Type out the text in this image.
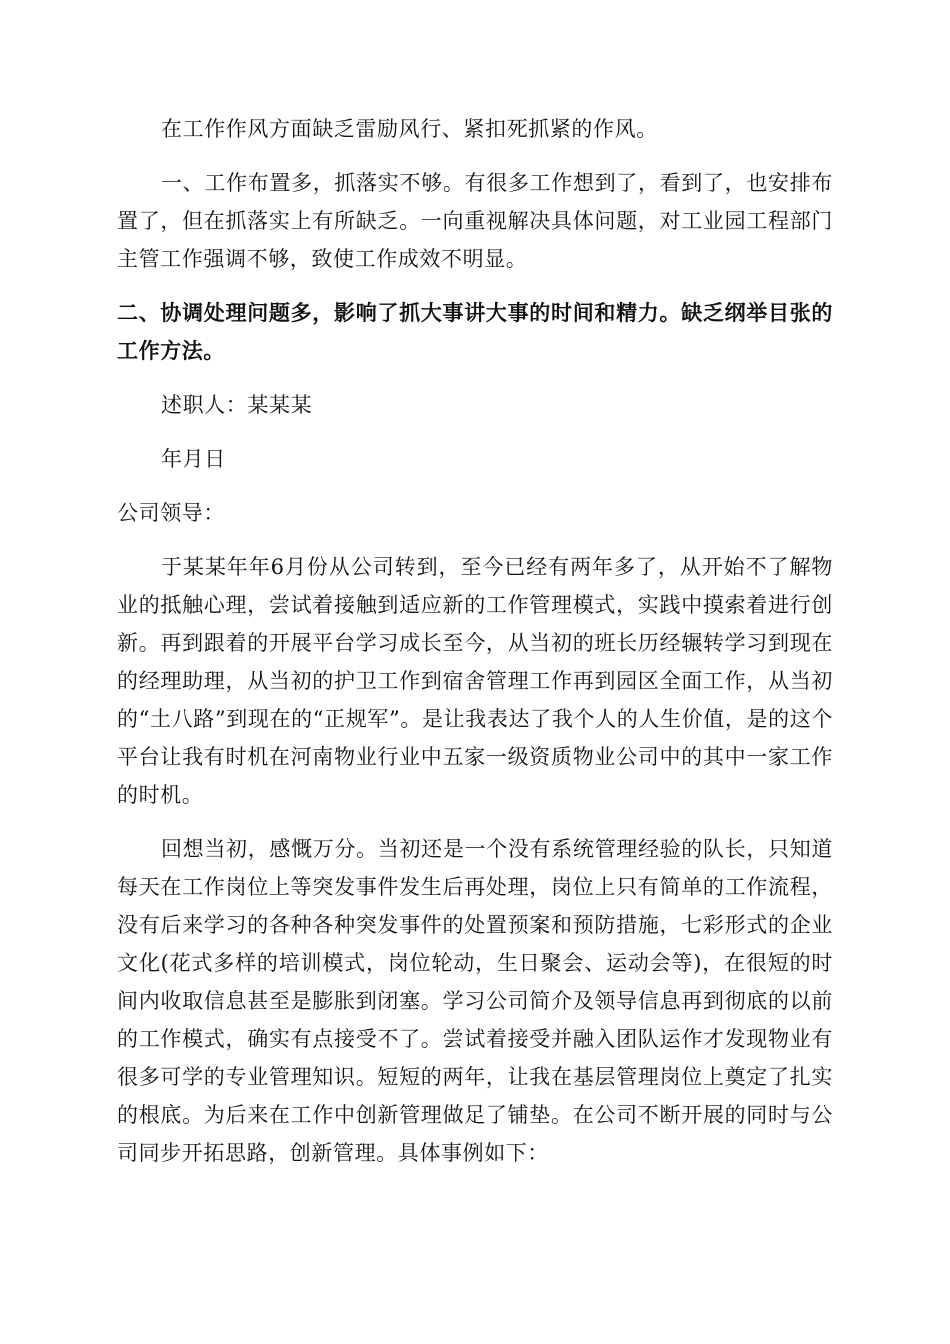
在工作作风方面缺乏雷励风行、紧扣死抓紧的作风。

一、工作布置多，抓落实不够。有很多工作想到了，看到了，也安排布置了，但在抓落实上有所缺乏。一向重视解决具体问题，对工业园工程部门主管工作强调不够，致使工作成效不明显。

二、协调处理问题多，影响了抓大事讲大事的时间和精力。缺乏纲举目张的工作方法。

述职人：某某某

年月日

公司领导：

于某某年年6月份从公司转到，至今已经有两年多了，从开始不了解物业的抵触心理，尝试着接触到适应新的工作管理模式，实践中摸索着进行创新。再到跟着的开展平台学习成长至今，从当初的班长历经辗转学习到现在的经理助理，从当初的护卫工作到宿舍管理工作再到园区全面工作，从当初的“土八路”到现在的“正规军”。是让我表达了我个人的人生价值，是的这个平台让我有时机在河南物业行业中五家一级资质物业公司中的其中一家工作的时机。

回想当初，感慨万分。当初还是一个没有系统管理经验的队长，只知道每天在工作岗位上等突发事件发生后再处理，岗位上只有简单的工作流程，没有后来学习的各种各种突发事件的处置预案和预防措施，七彩形式的企业文化(花式多样的培训模式，岗位轮动，生日聚会、运动会等)，在很短的时间内收取信息甚至是膨胀到闭塞。学习公司简介及领导信息再到彻底的以前的工作模式，确实有点接受不了。尝试着接受并融入团队运作才发现物业有很多可学的专业管理知识。短短的两年，让我在基层管理岗位上奠定了扎实的根底。为后来在工作中创新管理做足了铺垫。在公司不断开展的同时与公司同步开拓思路，创新管理。具体事例如下：
